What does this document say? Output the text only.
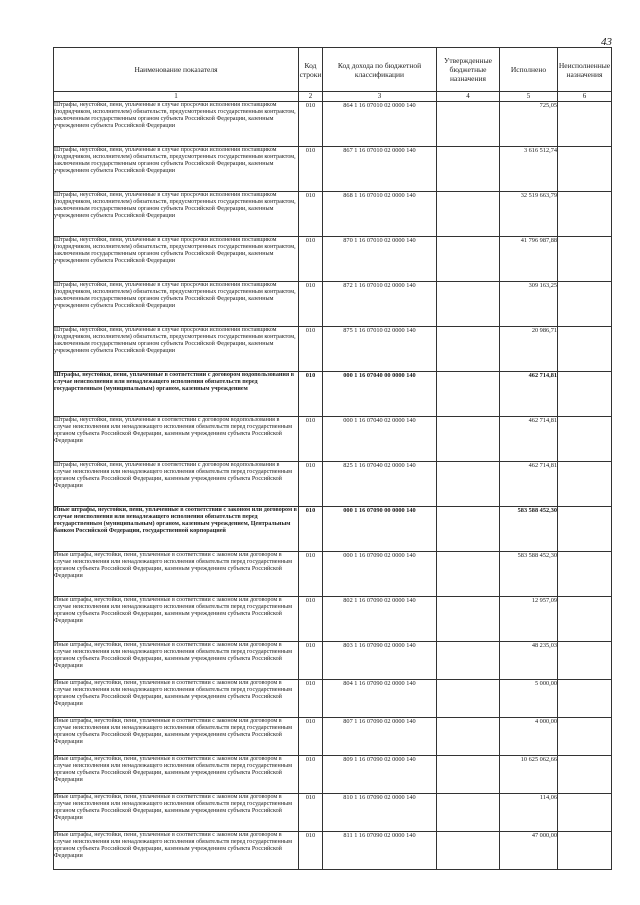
43
Наименование показателя	Код строки	Код дохода по бюджетной классификации	Утвержденные бюджетные назначения	Исполнено	Неисполненные назначения
1	2	3	4	5	6
Штрафы, неустойки, пени, уплаченные в случае просрочки исполнения поставщиком (подрядчиком, исполнителем) обязательств, предусмотренных государственным контрактом, заключенным государственным органом субъекта Российской Федерации, казенным учреждением субъекта Российской Федерации	010	864 1 16 07010 02 0000 140		725,05	
Штрафы, неустойки, пени, уплаченные в случае просрочки исполнения поставщиком (подрядчиком, исполнителем) обязательств, предусмотренных государственным контрактом, заключенным государственным органом субъекта Российской Федерации, казенным учреждением субъекта Российской Федерации	010	867 1 16 07010 02 0000 140		3 616 512,74	
Штрафы, неустойки, пени, уплаченные в случае просрочки исполнения поставщиком (подрядчиком, исполнителем) обязательств, предусмотренных государственным контрактом, заключенным государственным органом субъекта Российской Федерации, казенным учреждением субъекта Российской Федерации	010	868 1 16 07010 02 0000 140		32 519 663,79	
Штрафы, неустойки, пени, уплаченные в случае просрочки исполнения поставщиком (подрядчиком, исполнителем) обязательств, предусмотренных государственным контрактом, заключенным государственным органом субъекта Российской Федерации, казенным учреждением субъекта Российской Федерации	010	870 1 16 07010 02 0000 140		41 796 987,88	
Штрафы, неустойки, пени, уплаченные в случае просрочки исполнения поставщиком (подрядчиком, исполнителем) обязательств, предусмотренных государственным контрактом, заключенным государственным органом субъекта Российской Федерации, казенным учреждением субъекта Российской Федерации	010	872 1 16 07010 02 0000 140		309 163,25	
Штрафы, неустойки, пени, уплаченные в случае просрочки исполнения поставщиком (подрядчиком, исполнителем) обязательств, предусмотренных государственным контрактом, заключенным государственным органом субъекта Российской Федерации, казенным учреждением субъекта Российской Федерации	010	875 1 16 07010 02 0000 140		20 986,71	
Штрафы, неустойки, пени, уплаченные в соответствии с договором водопользования в случае неисполнения или ненадлежащего исполнения обязательств перед государственным (муниципальным) органом, казенным учреждением	010	000 1 16 07040 00 0000 140		462 714,81	
Штрафы, неустойки, пени, уплаченные в соответствии с договором водопользования в случае неисполнения или ненадлежащего исполнения обязательств перед государственным органом субъекта Российской Федерации, казенным учреждением субъекта Российской Федерации	010	000 1 16 07040 02 0000 140		462 714,81	
Штрафы, неустойки, пени, уплаченные в соответствии с договором водопользования в случае неисполнения или ненадлежащего исполнения обязательств перед государственным органом субъекта Российской Федерации, казенным учреждением субъекта Российской Федерации	010	825 1 16 07040 02 0000 140		462 714,81	
Иные штрафы, неустойки, пени, уплаченные в соответствии с законом или договором в случае неисполнения или ненадлежащего исполнения обязательств перед государственным (муниципальным) органом, казенным учреждением, Центральным банком Российской Федерации, государственной корпорацией	010	000 1 16 07090 00 0000 140		583 588 452,30	
Иные штрафы, неустойки, пени, уплаченные в соответствии с законом или договором в случае неисполнения или ненадлежащего исполнения обязательств перед государственным органом субъекта Российской Федерации, казенным учреждением субъекта Российской Федерации	010	000 1 16 07090 02 0000 140		583 588 452,30	
Иные штрафы, неустойки, пени, уплаченные в соответствии с законом или договором в случае неисполнения или ненадлежащего исполнения обязательств перед государственным органом субъекта Российской Федерации, казенным учреждением субъекта Российской Федерации	010	802 1 16 07090 02 0000 140		12 957,09	
Иные штрафы, неустойки, пени, уплаченные в соответствии с законом или договором в случае неисполнения или ненадлежащего исполнения обязательств перед государственным органом субъекта Российской Федерации, казенным учреждением субъекта Российской Федерации	010	803 1 16 07090 02 0000 140		48 235,03	
Иные штрафы, неустойки, пени, уплаченные в соответствии с законом или договором в случае неисполнения или ненадлежащего исполнения обязательств перед государственным органом субъекта Российской Федерации, казенным учреждением субъекта Российской Федерации	010	804 1 16 07090 02 0000 140		5 000,00	
Иные штрафы, неустойки, пени, уплаченные в соответствии с законом или договором в случае неисполнения или ненадлежащего исполнения обязательств перед государственным органом субъекта Российской Федерации, казенным учреждением субъекта Российской Федерации	010	807 1 16 07090 02 0000 140		4 000,00	
Иные штрафы, неустойки, пени, уплаченные в соответствии с законом или договором в случае неисполнения или ненадлежащего исполнения обязательств перед государственным органом субъекта Российской Федерации, казенным учреждением субъекта Российской Федерации	010	809 1 16 07090 02 0000 140		10 625 062,66	
Иные штрафы, неустойки, пени, уплаченные в соответствии с законом или договором в случае неисполнения или ненадлежащего исполнения обязательств перед государственным органом субъекта Российской Федерации, казенным учреждением субъекта Российской Федерации	010	810 1 16 07090 02 0000 140		114,06	
Иные штрафы, неустойки, пени, уплаченные в соответствии с законом или договором в случае неисполнения или ненадлежащего исполнения обязательств перед государственным органом субъекта Российской Федерации, казенным учреждением субъекта Российской Федерации	010	811 1 16 07090 02 0000 140		47 000,00	
